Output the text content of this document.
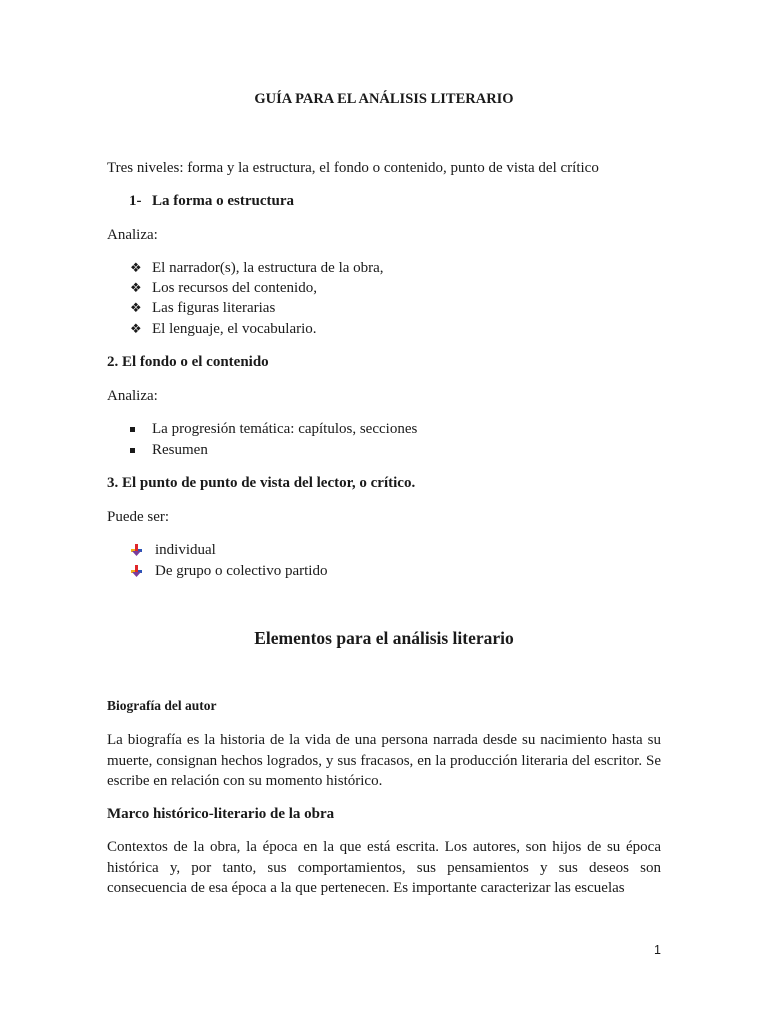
GUÍA PARA EL ANÁLISIS LITERARIO
Tres niveles: forma y la estructura, el fondo o contenido, punto de vista del crítico
1- La forma o estructura
Analiza:
❖ El narrador(s), la estructura de la obra,
❖ Los recursos del contenido,
❖ Las figuras literarias
❖ El lenguaje, el vocabulario.
2. El fondo o el contenido
Analiza:
La progresión temática: capítulos, secciones
Resumen
3. El punto de punto de vista del lector, o crítico.
Puede ser:
individual
De grupo o colectivo partido
Elementos para el análisis literario
Biografía del autor
La biografía es la historia de la vida de una persona narrada desde su nacimiento hasta su muerte, consignan hechos logrados, y sus fracasos, en la producción literaria del escritor. Se escribe en relación con su momento histórico.
Marco histórico-literario de la obra
Contextos de la obra, la época en la que está escrita. Los autores, son hijos de su época histórica y, por tanto, sus comportamientos, sus pensamientos y sus deseos son consecuencia de esa época a la que pertenecen. Es importante caracterizar las escuelas
1
